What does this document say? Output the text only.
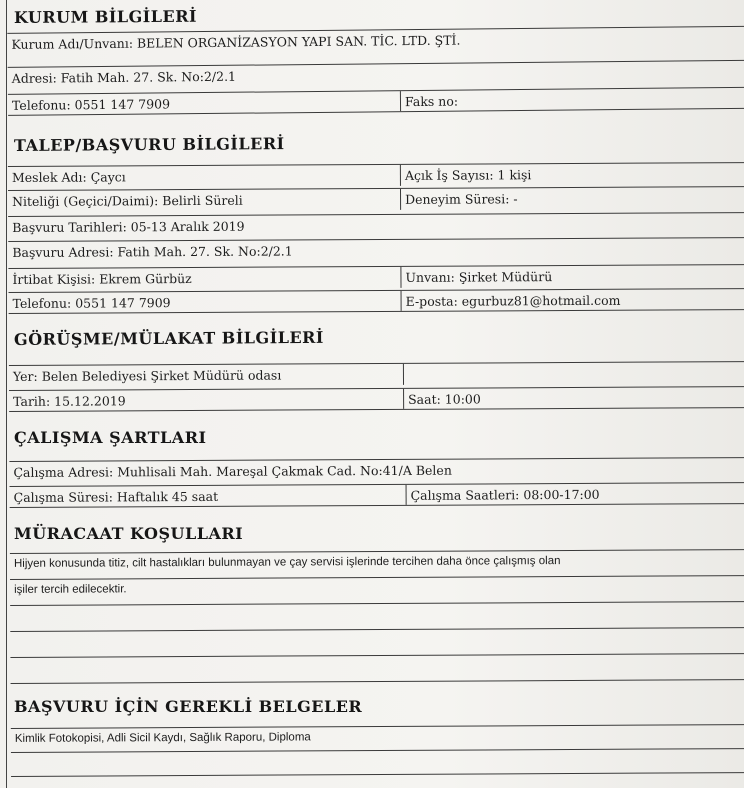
KURUM BİLGİLERİ
Kurum Adı/Unvanı: BELEN ORGANİZASYON YAPI SAN. TİC. LTD. ŞTİ.
Adresi: Fatih Mah. 27. Sk. No:2/2.1
Telefonu: 0551 147 7909	Faks no:
TALEP/BAŞVURU BİLGİLERİ
Meslek Adı: Çaycı	Açık İş Sayısı: 1 kişi
Niteliği (Geçici/Daimi): Belirli Süreli	Deneyim Süresi: -
Başvuru Tarihleri: 05-13 Aralık 2019
Başvuru Adresi: Fatih Mah. 27. Sk. No:2/2.1
İrtibat Kişisi: Ekrem Gürbüz	Unvanı: Şirket Müdürü
Telefonu: 0551 147 7909	E-posta: egurbuz81@hotmail.com
GÖRÜŞME/MÜLAKAT BİLGİLERİ
Yer: Belen Belediyesi Şirket Müdürü odası
Tarih: 15.12.2019	Saat: 10:00
ÇALIŞMA ŞARTLARI
Çalışma Adresi: Muhlisali Mah. Mareşal Çakmak Cad. No:41/A Belen
Çalışma Süresi: Haftalık 45 saat	Çalışma Saatleri: 08:00-17:00
MÜRACAAT KOŞULLARI
Hijyen konusunda titiz, cilt hastalıkları bulunmayan ve çay servisi işlerinde tercihen daha önce çalışmış olan
işiler tercih edilecektir.
BAŞVURU İÇİN GEREKLİ BELGELER
Kimlik Fotokopisi, Adli Sicil Kaydı, Sağlık Raporu, Diploma
